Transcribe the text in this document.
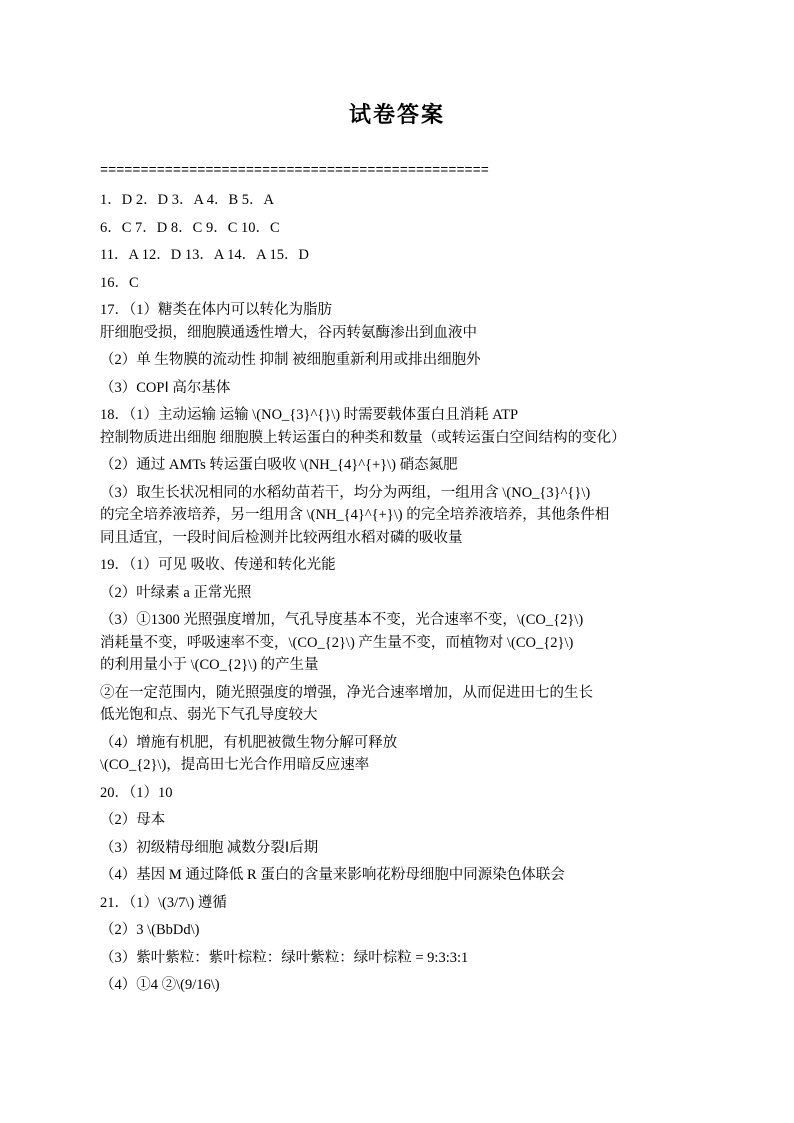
试卷答案
================================================
1．D 2．D 3．A 4．B 5．A
6．C 7．D 8．C 9．C 10．C
11．A 12．D 13．A 14．A 15．D
16．C
17．（1）糖类在体内可以转化为脂肪
肝细胞受损，细胞膜通透性增大，谷丙转氨酶渗出到血液中
（2）单 生物膜的流动性 抑制 被细胞重新利用或排出细胞外
（3）COPⅠ 高尔基体
18．（1）主动运输 运输 \(NO_{3}^{}\) 时需要载体蛋白且消耗 ATP
控制物质进出细胞 细胞膜上转运蛋白的种类和数量（或转运蛋白空间结构的变化）
（2）通过 AMTs 转运蛋白吸收 \(NH_{4}^{+}\) 硝态氮肥
（3）取生长状况相同的水稻幼苗若干，均分为两组，一组用含 \(NO_{3}^{}\)
的完全培养液培养，另一组用含 \(NH_{4}^{+}\) 的完全培养液培养，其他条件相
同且适宜，一段时间后检测并比较两组水稻对磷的吸收量
19．（1）可见 吸收、传递和转化光能
（2）叶绿素 a 正常光照
（3）①1300 光照强度增加，气孔导度基本不变，光合速率不变，\(CO_{2}\)
消耗量不变，呼吸速率不变，\(CO_{2}\) 产生量不变，而植物对 \(CO_{2}\)
的利用量小于 \(CO_{2}\) 的产生量
②在一定范围内，随光照强度的增强，净光合速率增加，从而促进田七的生长
低光饱和点、弱光下气孔导度较大
（4）增施有机肥，有机肥被微生物分解可释放
\(CO_{2}\)，提高田七光合作用暗反应速率
20．（1）10
（2）母本
（3）初级精母细胞 减数分裂Ⅰ后期
（4）基因 M 通过降低 R 蛋白的含量来影响花粉母细胞中同源染色体联会
21．（1）\(3/7\) 遵循
（2）3 \(BbDd\)
（3）紫叶紫粒：紫叶棕粒：绿叶紫粒：绿叶棕粒 = 9:3:3:1
（4）①4 ②\(9/16\)
